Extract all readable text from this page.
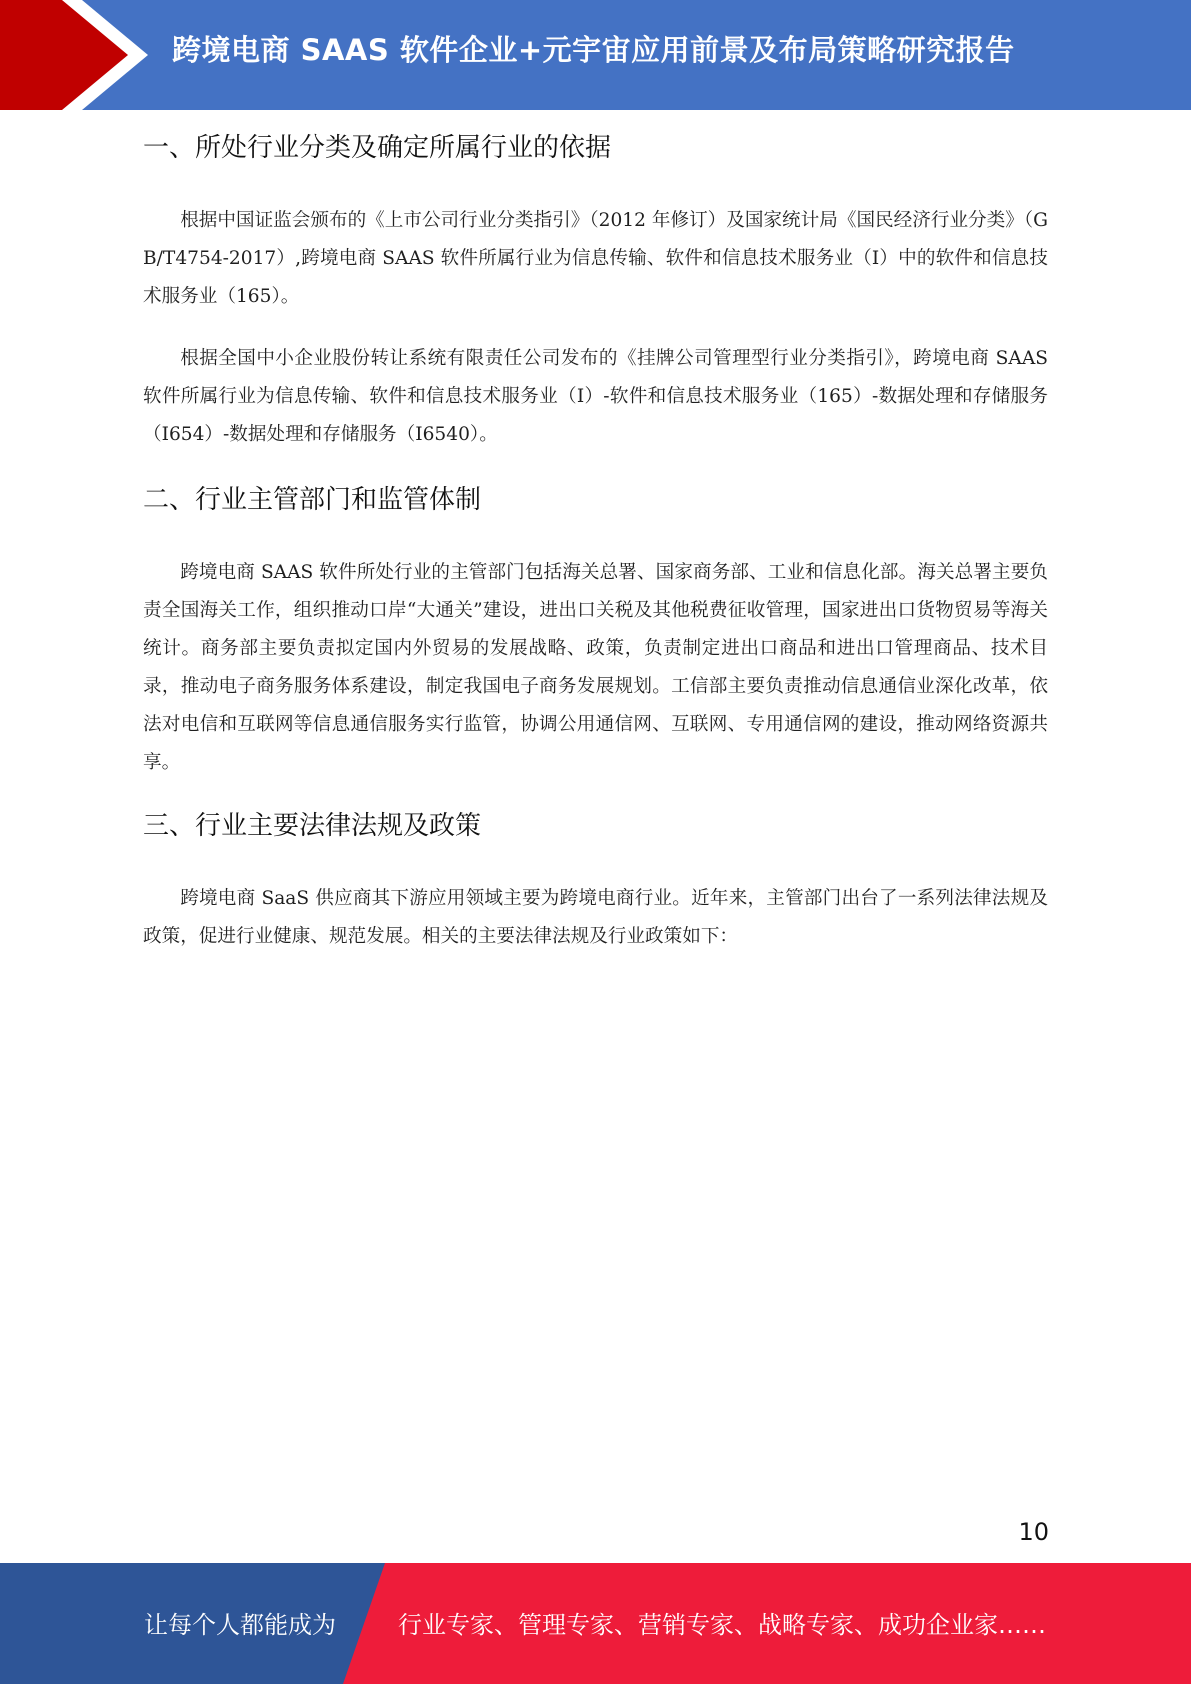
跨境电商 SAAS 软件企业+元宇宙应用前景及布局策略研究报告
一、所处行业分类及确定所属行业的依据

根据中国证监会颁布的《上市公司行业分类指引》（2012 年修订）及国家统计局《国民经济行业分类》（GB/T4754-2017）,跨境电商 SAAS 软件所属行业为信息传输、软件和信息技术服务业（I）中的软件和信息技术服务业（165）。

根据全国中小企业股份转让系统有限责任公司发布的《挂牌公司管理型行业分类指引》，跨境电商 SAAS 软件所属行业为信息传输、软件和信息技术服务业（I）-软件和信息技术服务业（165）-数据处理和存储服务（I654）-数据处理和存储服务（I6540）。

二、行业主管部门和监管体制

跨境电商 SAAS 软件所处行业的主管部门包括海关总署、国家商务部、工业和信息化部。海关总署主要负责全国海关工作，组织推动口岸“大通关”建设，进出口关税及其他税费征收管理，国家进出口货物贸易等海关统计。商务部主要负责拟定国内外贸易的发展战略、政策，负责制定进出口商品和进出口管理商品、技术目录，推动电子商务服务体系建设，制定我国电子商务发展规划。工信部主要负责推动信息通信业深化改革，依法对电信和互联网等信息通信服务实行监管，协调公用通信网、互联网、专用通信网的建设，推动网络资源共享。

三、行业主要法律法规及政策

跨境电商 SaaS 供应商其下游应用领域主要为跨境电商行业。近年来，主管部门出台了一系列法律法规及政策，促进行业健康、规范发展。相关的主要法律法规及行业政策如下：

10
让每个人都能成为	行业专家、管理专家、营销专家、战略专家、成功企业家……
